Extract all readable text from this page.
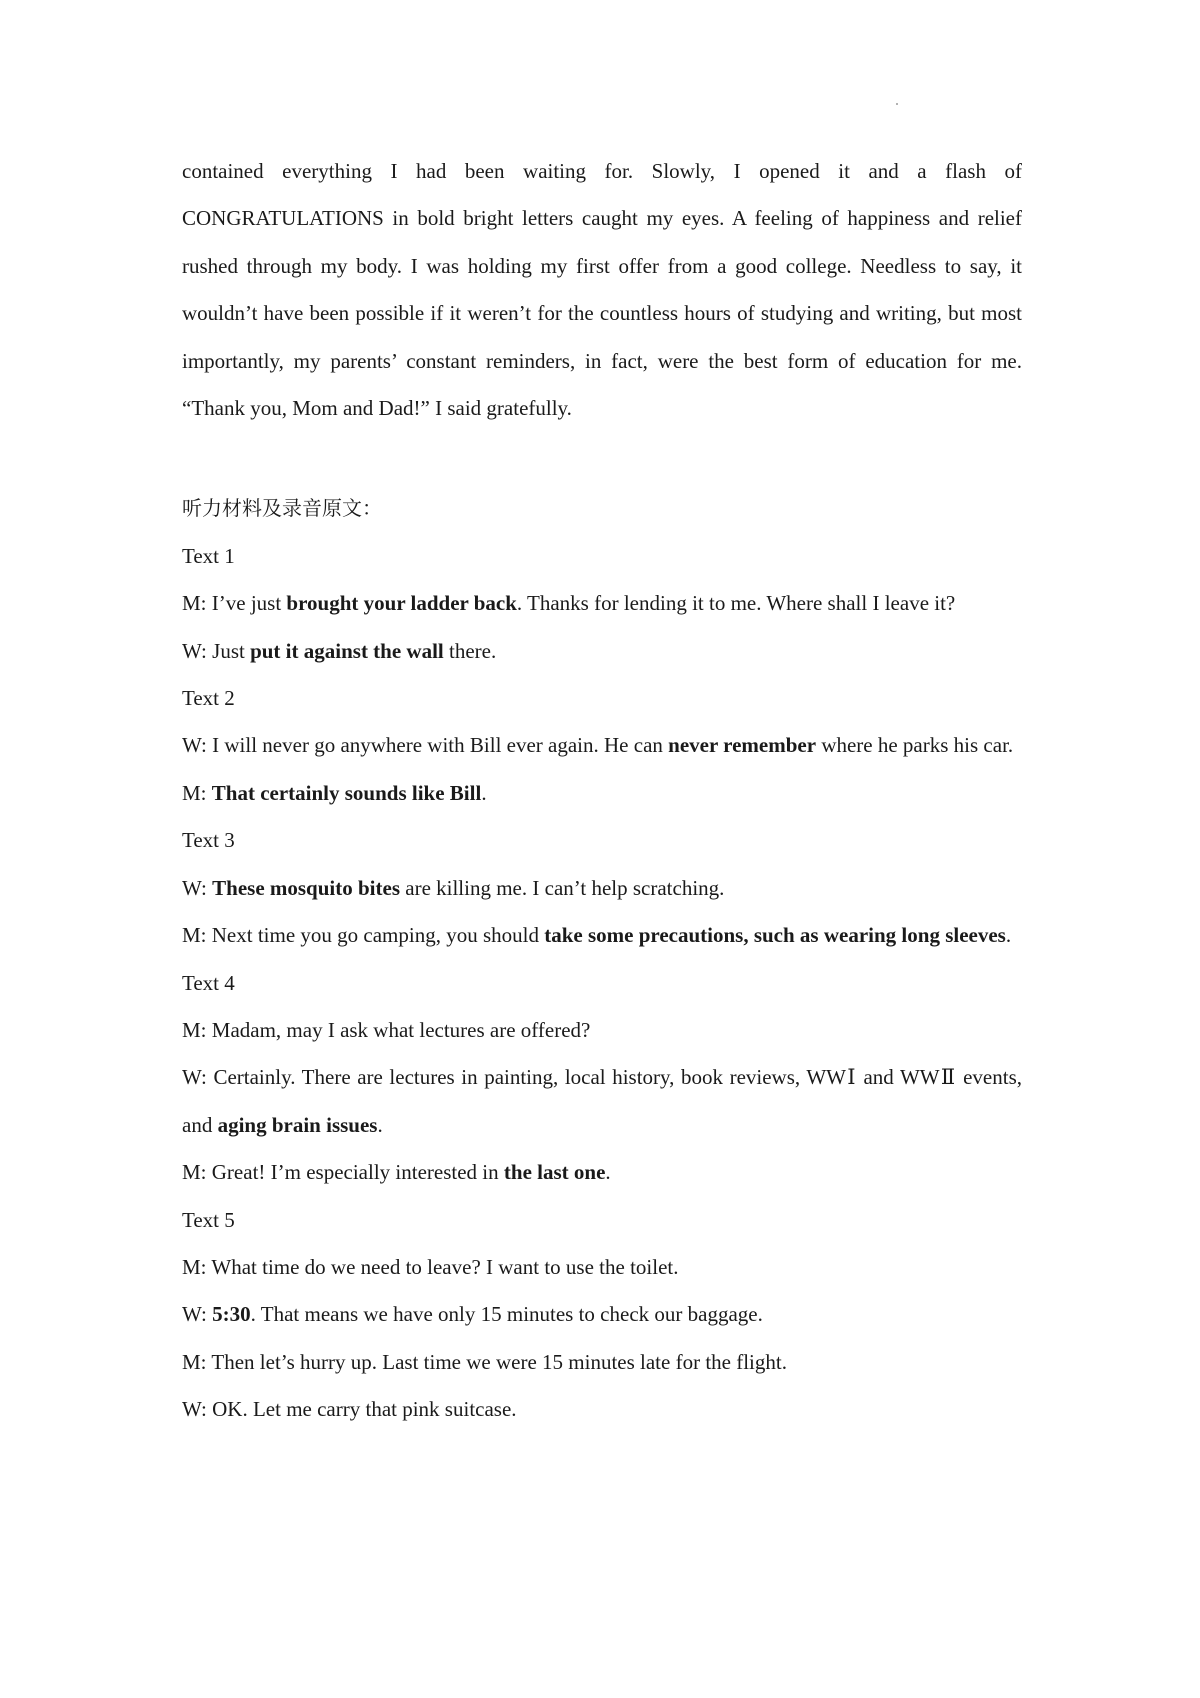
contained everything I had been waiting for. Slowly, I opened it and a flash of CONGRATULATIONS in bold bright letters caught my eyes. A feeling of happiness and relief rushed through my body. I was holding my first offer from a good college. Needless to say, it wouldn’t have been possible if it weren’t for the countless hours of studying and writing, but most importantly, my parents’ constant reminders, in fact, were the best form of education for me. “Thank you, Mom and Dad!” I said gratefully.

听力材料及录音原文：

Text 1

M: I’ve just brought your ladder back. Thanks for lending it to me. Where shall I leave it?

W: Just put it against the wall there.

Text 2

W: I will never go anywhere with Bill ever again. He can never remember where he parks his car.

M: That certainly sounds like Bill.

Text 3

W: These mosquito bites are killing me. I can’t help scratching.

M: Next time you go camping, you should take some precautions, such as wearing long sleeves.

Text 4

M: Madam, may I ask what lectures are offered?

W: Certainly. There are lectures in painting, local history, book reviews, WWⅠ and WWⅡ events, and aging brain issues.

M: Great! I’m especially interested in the last one.

Text 5

M: What time do we need to leave? I want to use the toilet.

W: 5:30. That means we have only 15 minutes to check our baggage.

M: Then let’s hurry up. Last time we were 15 minutes late for the flight.

W: OK. Let me carry that pink suitcase.
